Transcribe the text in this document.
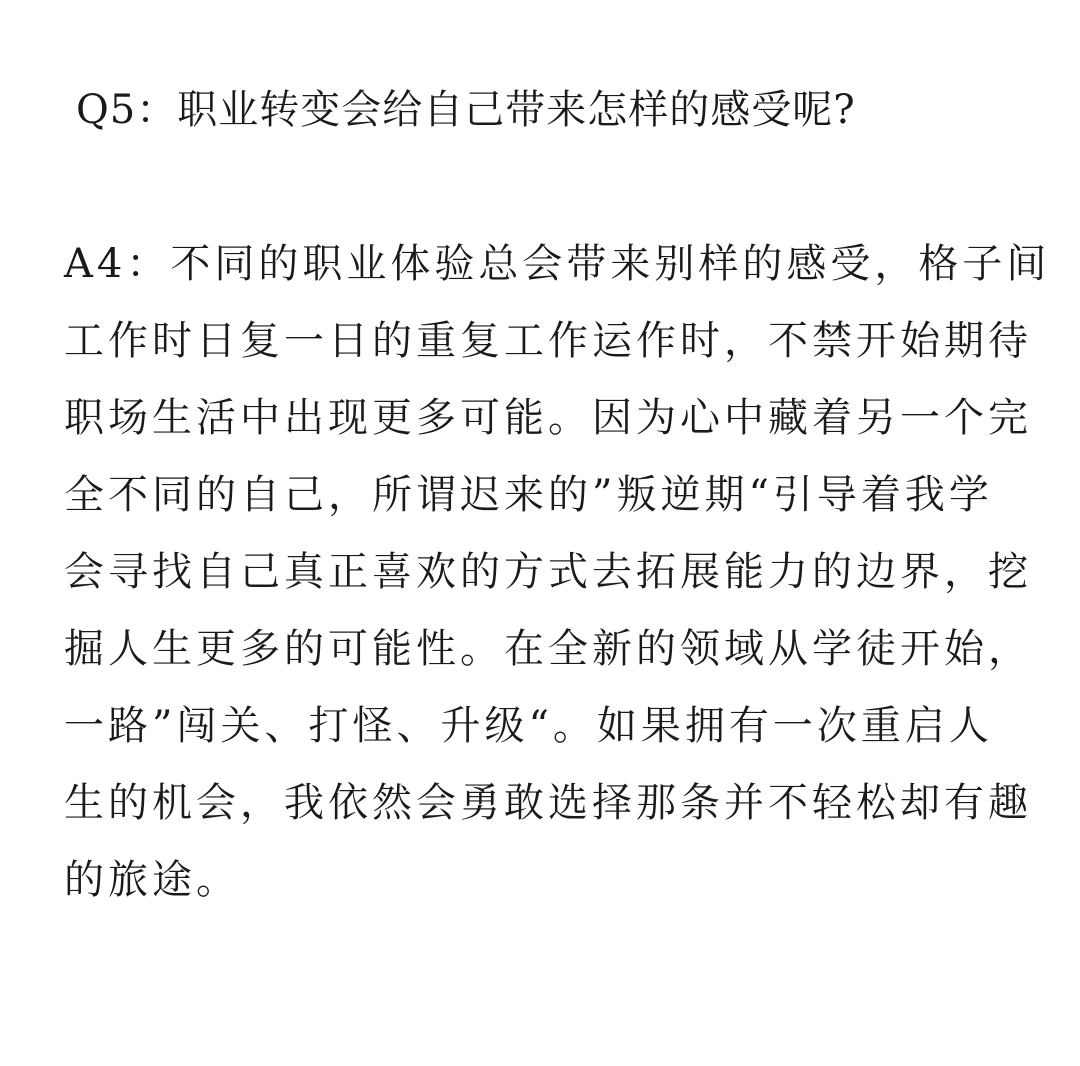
Q5：职业转变会给自己带来怎样的感受呢?
A4：不同的职业体验总会带来别样的感受，格子间
工作时日复一日的重复工作运作时，不禁开始期待
职场生活中出现更多可能。因为心中藏着另一个完
全不同的自己，所谓迟来的”叛逆期“引导着我学
会寻找自己真正喜欢的方式去拓展能力的边界，挖
掘人生更多的可能性。在全新的领域从学徒开始，
一路”闯关、打怪、升级“。如果拥有一次重启人
生的机会，我依然会勇敢选择那条并不轻松却有趣
的旅途。
